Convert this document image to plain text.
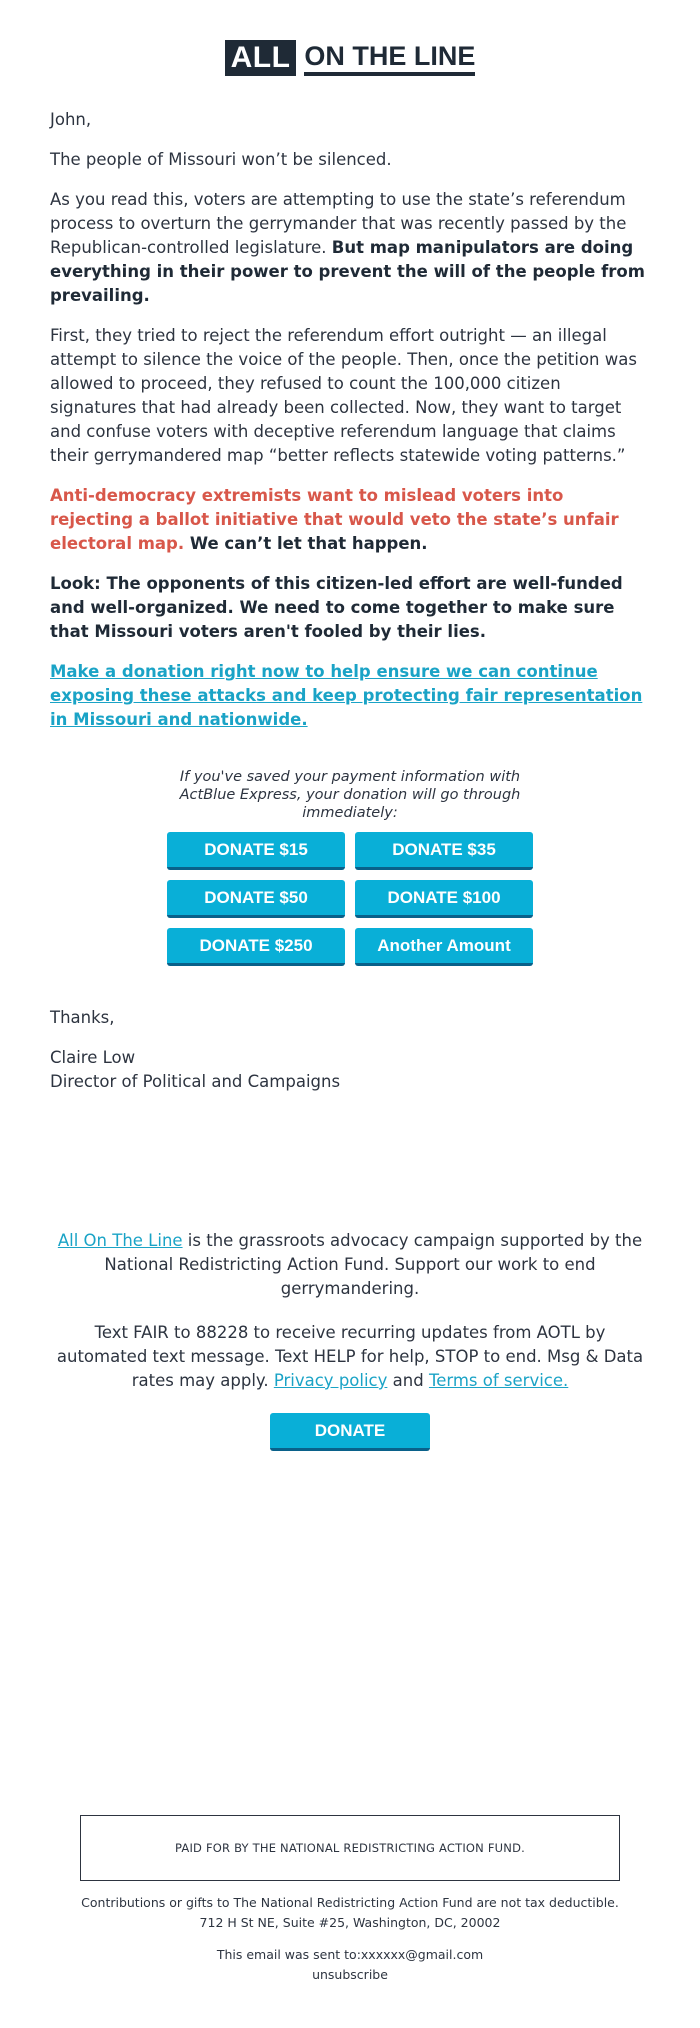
ALL ON THE LINE

John,

The people of Missouri won’t be silenced.

As you read this, voters are attempting to use the state’s referendum process to overturn the gerrymander that was recently passed by the Republican-controlled legislature. But map manipulators are doing everything in their power to prevent the will of the people from prevailing.

First, they tried to reject the referendum effort outright — an illegal attempt to silence the voice of the people. Then, once the petition was allowed to proceed, they refused to count the 100,000 citizen signatures that had already been collected. Now, they want to target and confuse voters with deceptive referendum language that claims their gerrymandered map “better reflects statewide voting patterns.”

Anti-democracy extremists want to mislead voters into rejecting a ballot initiative that would veto the state’s unfair electoral map. We can’t let that happen.

Look: The opponents of this citizen-led effort are well-funded and well-organized. We need to come together to make sure that Missouri voters aren't fooled by their lies.

Make a donation right now to help ensure we can continue exposing these attacks and keep protecting fair representation in Missouri and nationwide.

If you've saved your payment information with ActBlue Express, your donation will go through immediately:
DONATE $15	DONATE $35
DONATE $50	DONATE $100
DONATE $250	Another Amount

Thanks,

Claire Low
Director of Political and Campaigns

All On The Line is the grassroots advocacy campaign supported by the National Redistricting Action Fund. Support our work to end gerrymandering.

Text FAIR to 88228 to receive recurring updates from AOTL by automated text message. Text HELP for help, STOP to end. Msg & Data rates may apply. Privacy policy and Terms of service.

DONATE
PAID FOR BY THE NATIONAL REDISTRICTING ACTION FUND.
Contributions or gifts to The National Redistricting Action Fund are not tax deductible.
712 H St NE, Suite #25, Washington, DC, 20002
This email was sent to:xxxxxx@gmail.com
unsubscribe
